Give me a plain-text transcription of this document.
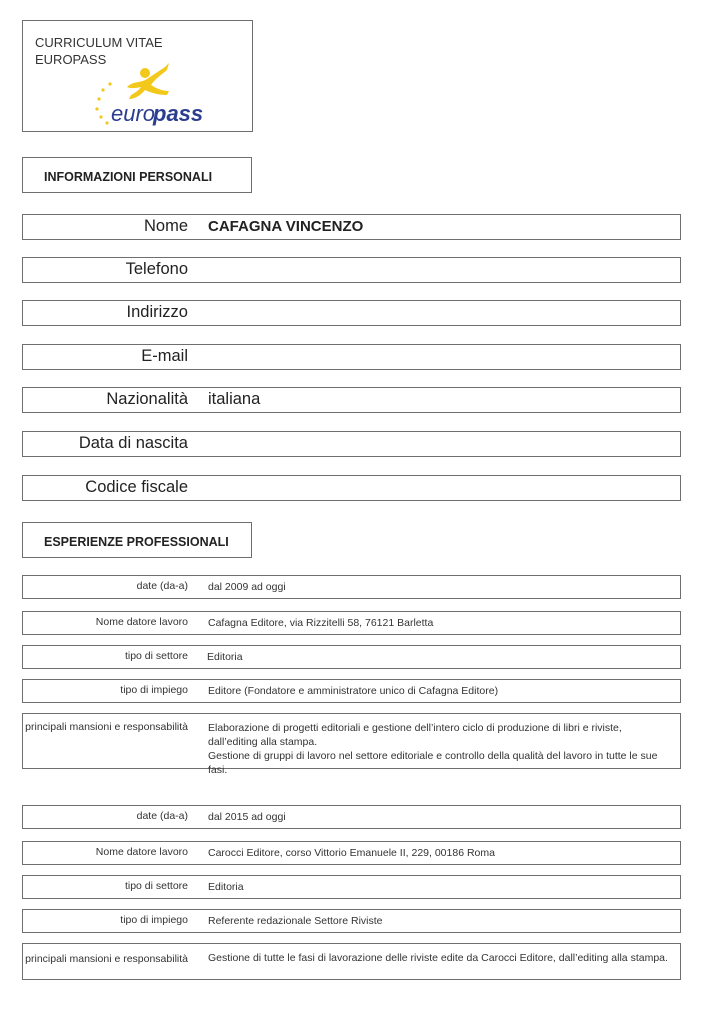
CURRICULUM VITAE
EUROPASS
euro
pass
INFORMAZIONI PERSONALI
Nome CAFAGNA VINCENZO
Telefono
Indirizzo
E-mail
Nazionalità italiana
Data di nascita
Codice fiscale
ESPERIENZE PROFESSIONALI
date (da-a) dal 2009 ad oggi
Nome datore lavoro Cafagna Editore, via Rizzitelli 58, 76121 Barletta
tipo di settore Editoria
tipo di impiego Editore (Fondatore e amministratore unico di Cafagna Editore)
principali mansioni e responsabilità Elaborazione di progetti editoriali e gestione dell’intero ciclo di produzione di libri e riviste, dall’editing alla stampa.
Gestione di gruppi di lavoro nel settore editoriale e controllo della qualità del lavoro in tutte le sue fasi.
date (da-a) dal 2015 ad oggi
Nome datore lavoro Carocci Editore, corso Vittorio Emanuele II, 229, 00186 Roma
tipo di settore Editoria
tipo di impiego Referente redazionale Settore Riviste
principali mansioni e responsabilità Gestione di tutte le fasi di lavorazione delle riviste edite da Carocci Editore, dall’editing alla stampa.
